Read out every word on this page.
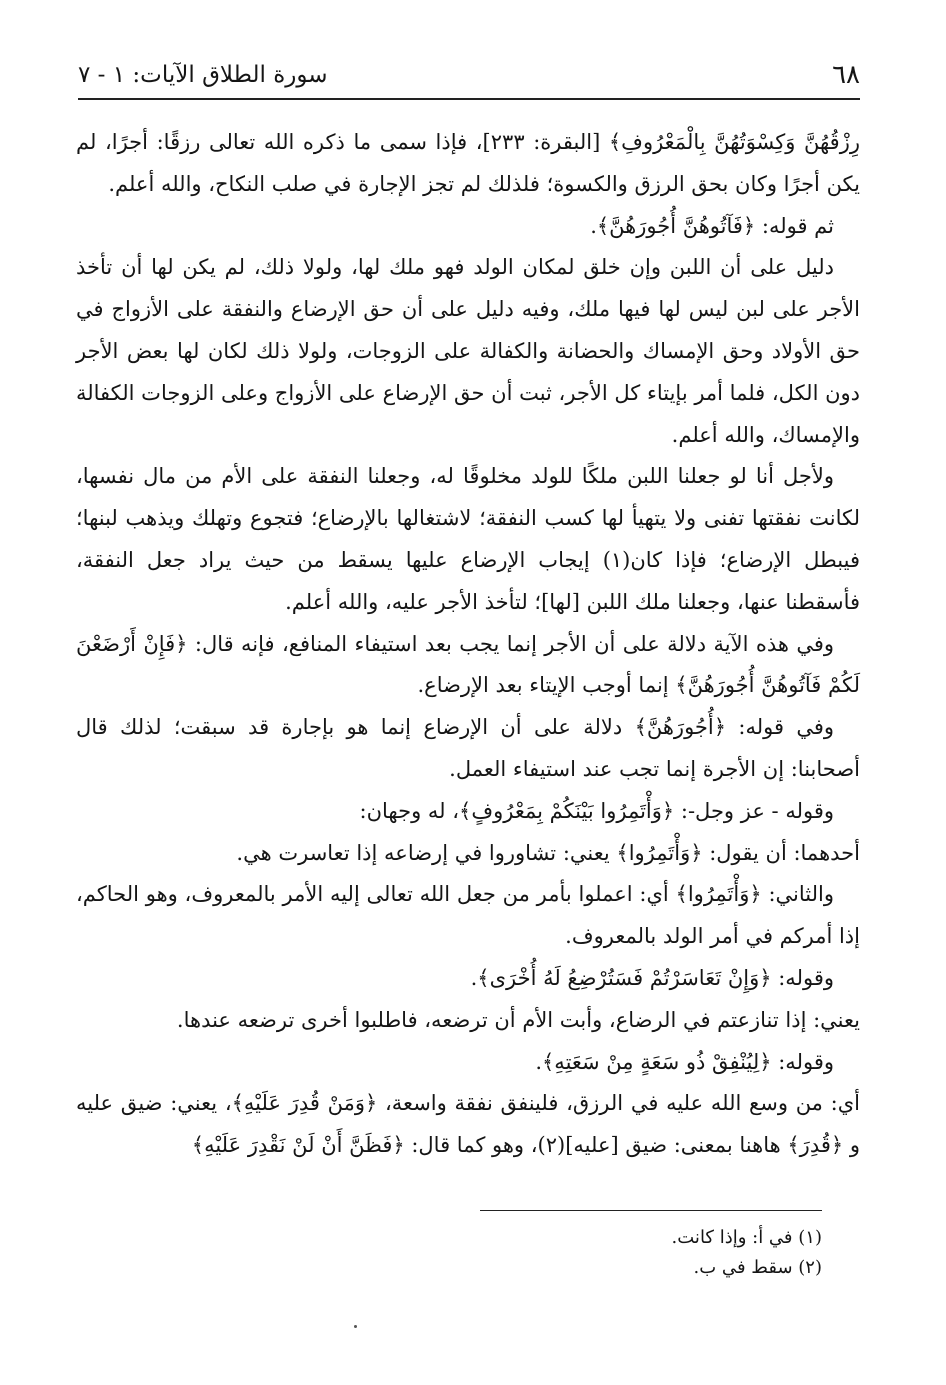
٦٨
سورة الطلاق الآيات: ١ - ٧

رِزْقُهُنَّ وَكِسْوَتُهُنَّ بِالْمَعْرُوفِ﴾ [البقرة: ٢٣٣]، فإذا سمى ما ذكره الله تعالى رزقًا: أجرًا، لم يكن أجرًا وكان بحق الرزق والكسوة؛ فلذلك لم تجز الإجارة في صلب النكاح، والله أعلم.

ثم قوله: ﴿فَآتُوهُنَّ أُجُورَهُنَّ﴾.

دليل على أن اللبن وإن خلق لمكان الولد فهو ملك لها، ولولا ذلك، لم يكن لها أن تأخذ الأجر على لبن ليس لها فيها ملك، وفيه دليل على أن حق الإرضاع والنفقة على الأزواج في حق الأولاد وحق الإمساك والحضانة والكفالة على الزوجات، ولولا ذلك لكان لها بعض الأجر دون الكل، فلما أمر بإيتاء كل الأجر، ثبت أن حق الإرضاع على الأزواج وعلى الزوجات الكفالة والإمساك، والله أعلم.

ولأجل أنا لو جعلنا اللبن ملكًا للولد مخلوقًا له، وجعلنا النفقة على الأم من مال نفسها، لكانت نفقتها تفنى ولا يتهيأ لها كسب النفقة؛ لاشتغالها بالإرضاع؛ فتجوع وتهلك ويذهب لبنها؛ فيبطل الإرضاع؛ فإذا كان(١) إيجاب الإرضاع عليها يسقط من حيث يراد جعل النفقة، فأسقطنا عنها، وجعلنا ملك اللبن [لها]؛ لتأخذ الأجر عليه، والله أعلم.

وفي هذه الآية دلالة على أن الأجر إنما يجب بعد استيفاء المنافع، فإنه قال: ﴿فَإِنْ أَرْضَعْنَ لَكُمْ فَآتُوهُنَّ أُجُورَهُنَّ﴾ إنما أوجب الإيتاء بعد الإرضاع.

وفي قوله: ﴿أُجُورَهُنَّ﴾ دلالة على أن الإرضاع إنما هو بإجارة قد سبقت؛ لذلك قال أصحابنا: إن الأجرة إنما تجب عند استيفاء العمل.

وقوله - عز وجل-: ﴿وَأْتَمِرُوا بَيْنَكُمْ بِمَعْرُوفٍ﴾، له وجهان:

أحدهما: أن يقول: ﴿وَأْتَمِرُوا﴾ يعني: تشاوروا في إرضاعه إذا تعاسرت هي.

والثاني: ﴿وَأْتَمِرُوا﴾ أي: اعملوا بأمر من جعل الله تعالى إليه الأمر بالمعروف، وهو الحاكم، إذا أمركم في أمر الولد بالمعروف.

وقوله: ﴿وَإِنْ تَعَاسَرْتُمْ فَسَتُرْضِعُ لَهُ أُخْرَى﴾.

يعني: إذا تنازعتم في الرضاع، وأبت الأم أن ترضعه، فاطلبوا أخرى ترضعه عندها.

وقوله: ﴿لِيُنْفِقْ ذُو سَعَةٍ مِنْ سَعَتِهِ﴾.

أي: من وسع الله عليه في الرزق، فلينفق نفقة واسعة، ﴿وَمَنْ قُدِرَ عَلَيْهِ﴾، يعني: ضيق عليه و ﴿قُدِرَ﴾ هاهنا بمعنى: ضيق [عليه](٢)، وهو كما قال: ﴿فَظَنَّ أَنْ لَنْ نَقْدِرَ عَلَيْهِ﴾

(١) في أ: وإذا كانت.
(٢) سقط في ب.
